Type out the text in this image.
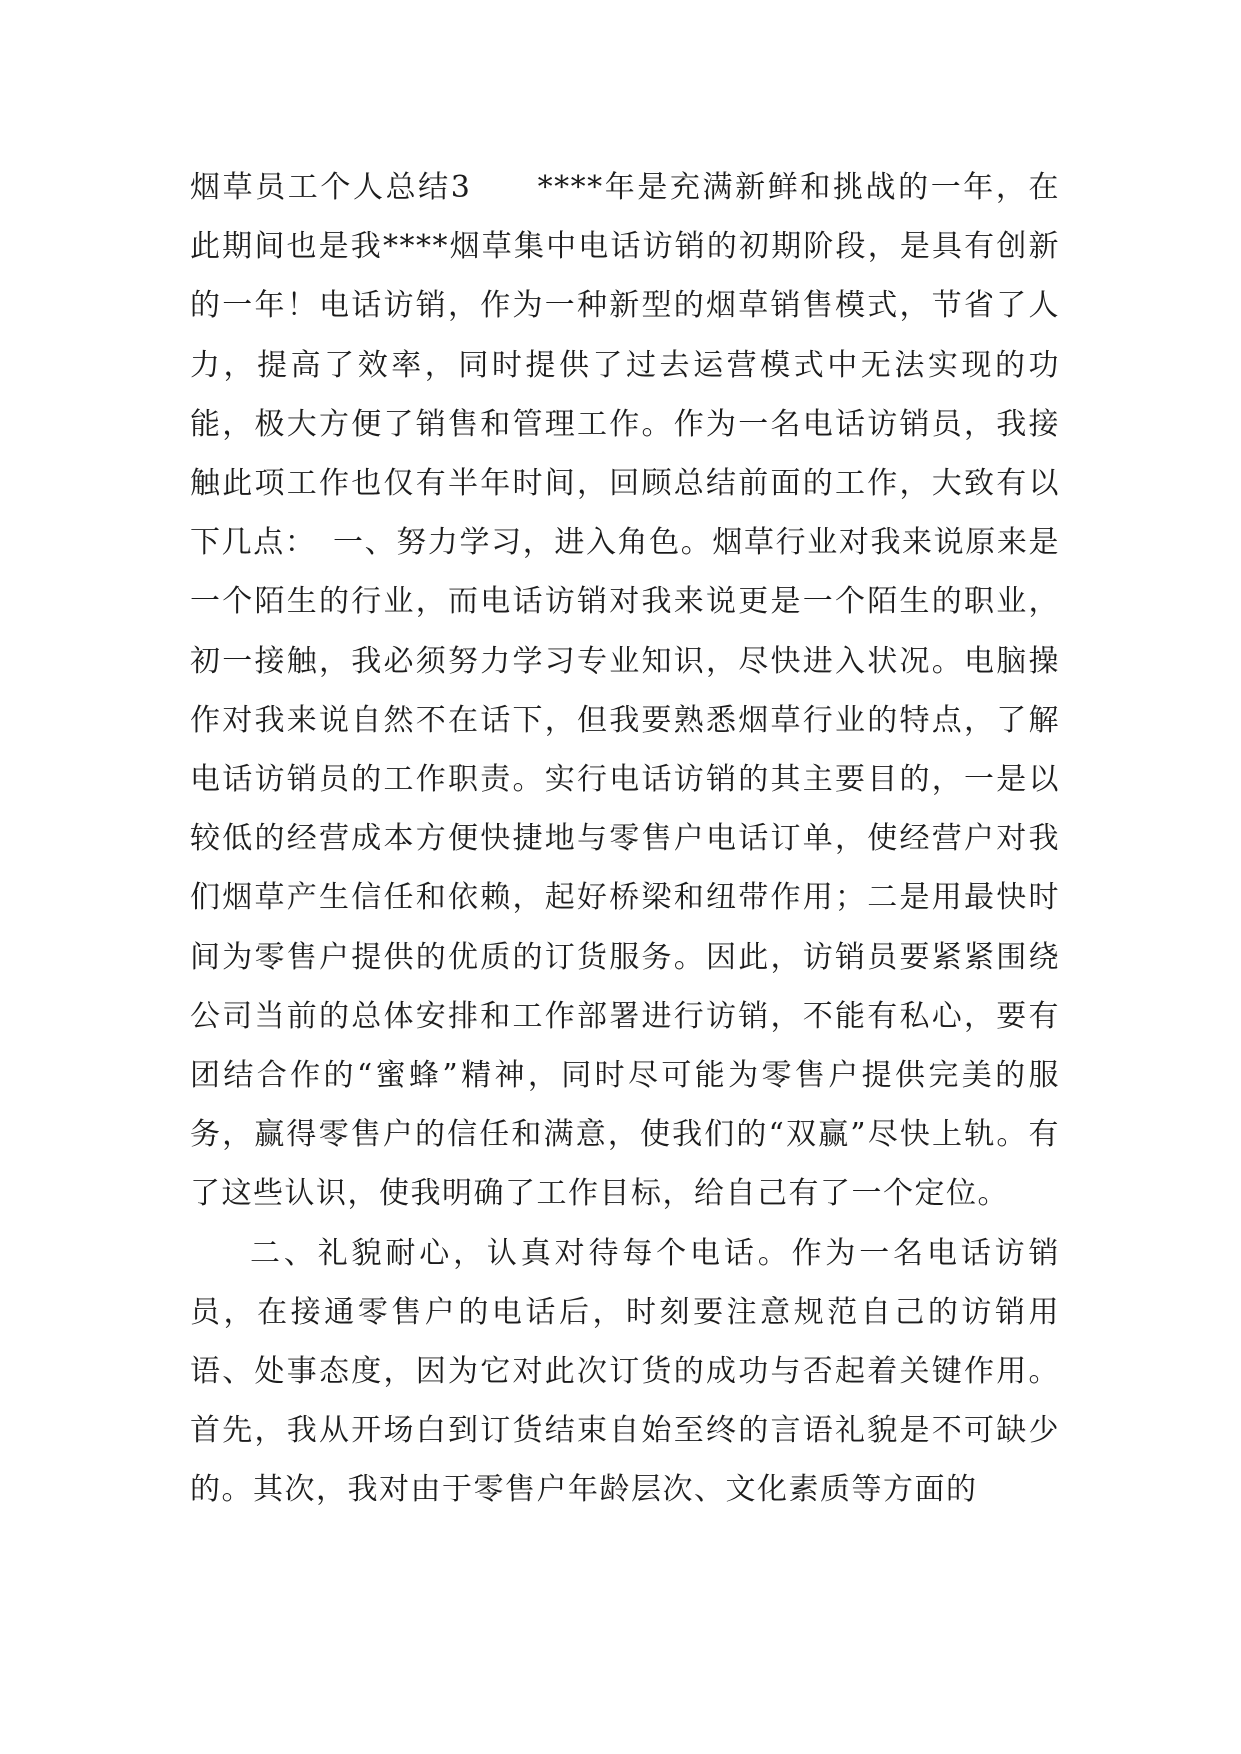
烟草员工个人总结3　　****年是充满新鲜和挑战的一年，在此期间也是我****烟草集中电话访销的初期阶段，是具有创新的一年！电话访销，作为一种新型的烟草销售模式，节省了人力，提高了效率，同时提供了过去运营模式中无法实现的功能，极大方便了销售和管理工作。作为一名电话访销员，我接触此项工作也仅有半年时间，回顾总结前面的工作，大致有以下几点：　一、努力学习，进入角色。烟草行业对我来说原来是一个陌生的行业，而电话访销对我来说更是一个陌生的职业，初一接触，我必须努力学习专业知识，尽快进入状况。电脑操作对我来说自然不在话下，但我要熟悉烟草行业的特点，了解电话访销员的工作职责。实行电话访销的其主要目的，一是以较低的经营成本方便快捷地与零售户电话订单，使经营户对我们烟草产生信任和依赖，起好桥梁和纽带作用；二是用最快时间为零售户提供的优质的订货服务。因此，访销员要紧紧围绕公司当前的总体安排和工作部署进行访销，不能有私心，要有团结合作的“蜜蜂”精神，同时尽可能为零售户提供完美的服务，赢得零售户的信任和满意，使我们的“双赢”尽快上轨。有了这些认识，使我明确了工作目标，给自己有了一个定位。

二、礼貌耐心，认真对待每个电话。作为一名电话访销员，在接通零售户的电话后，时刻要注意规范自己的访销用语、处事态度，因为它对此次订货的成功与否起着关键作用。首先，我从开场白到订货结束自始至终的言语礼貌是不可缺少的。其次，我对由于零售户年龄层次、文化素质等方面的
